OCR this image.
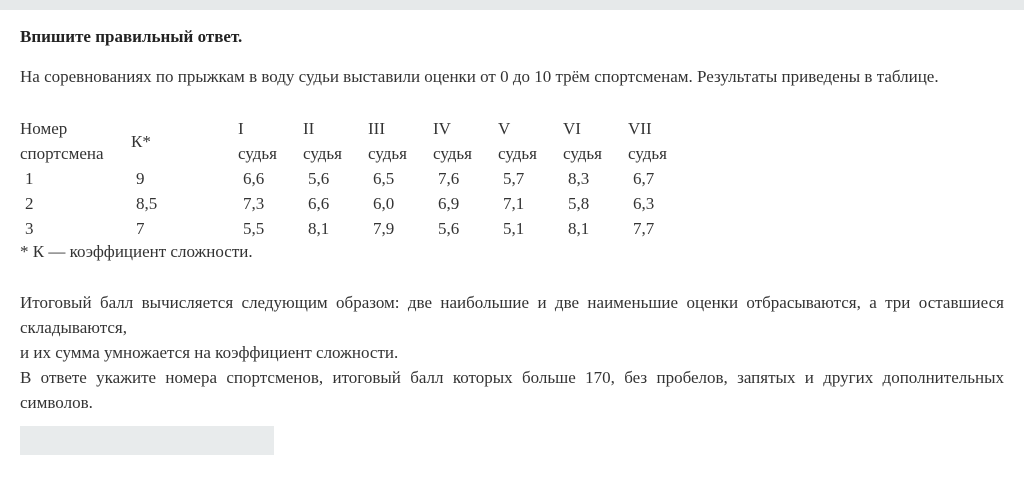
Впишите правильный ответ.
На соревнованиях по прыжкам в воду судьи выставили оценки от 0 до 10 трём спортсменам. Результаты приведены в таблице.
Номер	К*	I	II	III	IV	V	VI	VII
спортсмена		судья	судья	судья	судья	судья	судья	судья
1	9	6,6	5,6	6,5	7,6	5,7	8,3	6,7
2	8,5	7,3	6,6	6,0	6,9	7,1	5,8	6,3
3	7	5,5	8,1	7,9	5,6	5,1	8,1	7,7
* К — коэффициент сложности.

Итоговый балл вычисляется следующим образом: две наибольшие и две наименьшие оценки отбрасываются, а три оставшиеся складываются,

и их сумма умножается на коэффициент сложности.

В ответе укажите номера спортсменов, итоговый балл которых больше 170, без пробелов, запятых и других дополнительных символов.
